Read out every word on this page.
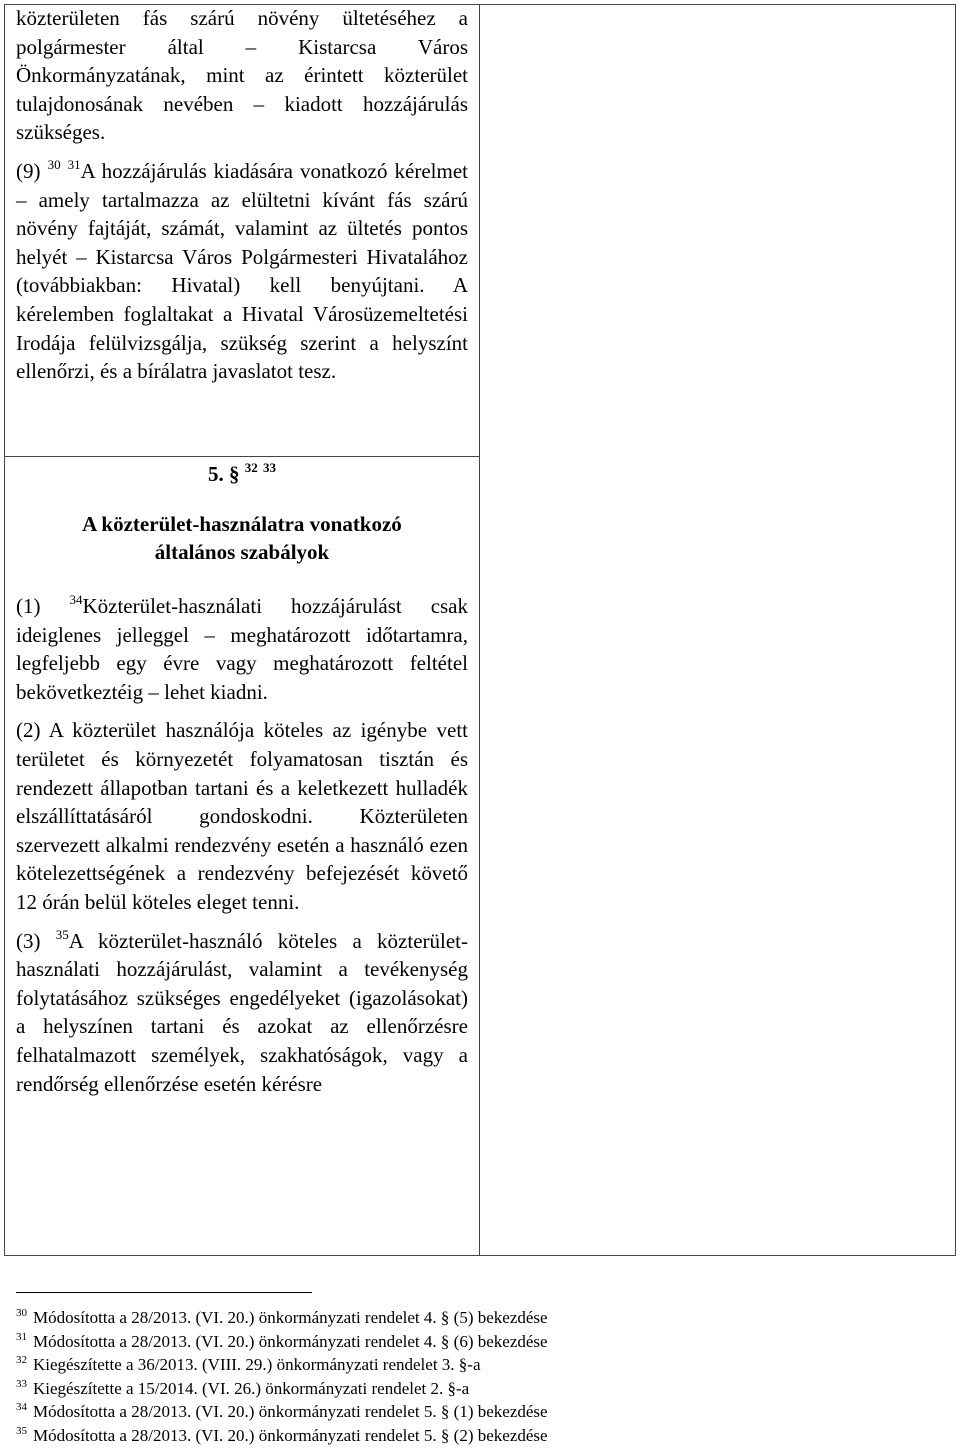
közterületen fás szárú növény ültetéséhez a polgármester által – Kistarcsa Város Önkormányzatának, mint az érintett közterület tulajdonosának nevében – kiadott hozzájárulás szükséges.

(9) $^{30}$ $^{31}$A hozzájárulás kiadására vonatkozó kérelmet – amely tartalmazza az elültetni kívánt fás szárú növény fajtáját, számát, valamint az ültetés pontos helyét – Kistarcsa Város Polgármesteri Hivatalához (továbbiakban: Hivatal) kell benyújtani. A kérelemben foglaltakat a Hivatal Városüzemeltetési Irodája felülvizsgálja, szükség szerint a helyszínt ellenőrzi, és a bírálatra javaslatot tesz.

5. § $^{32}$ $^{33}$

A közterület-használatra vonatkozó

általános szabályok

(1) $^{34}$Közterület-használati hozzájárulást csak ideiglenes jelleggel – meghatározott időtartamra, legfeljebb egy évre vagy meghatározott feltétel bekövetkeztéig – lehet kiadni.

(2) A közterület használója köteles az igénybe vett területet és környezetét folyamatosan tisztán és rendezett állapotban tartani és a keletkezett hulladék elszállíttatásáról gondoskodni. Közterületen szervezett alkalmi rendezvény esetén a használó ezen kötelezettségének a rendezvény befejezését követő 12 órán belül köteles eleget tenni.

(3) $^{35}$A közterület-használó köteles a közterület-használati hozzájárulást, valamint a tevékenység folytatásához szükséges engedélyeket (igazolásokat) a helyszínen tartani és azokat az ellenőrzésre felhatalmazott személyek, szakhatóságok, vagy a rendőrség ellenőrzése esetén kérésre

$^{30}$ Módosította a 28/2013. (VI. 20.) önkormányzati rendelet 4. § (5) bekezdése
$^{31}$ Módosította a 28/2013. (VI. 20.) önkormányzati rendelet 4. § (6) bekezdése
$^{32}$ Kiegészítette a 36/2013. (VIII. 29.) önkormányzati rendelet 3. §-a
$^{33}$ Kiegészítette a 15/2014. (VI. 26.) önkormányzati rendelet 2. §-a
$^{34}$ Módosította a 28/2013. (VI. 20.) önkormányzati rendelet 5. § (1) bekezdése
$^{35}$ Módosította a 28/2013. (VI. 20.) önkormányzati rendelet 5. § (2) bekezdése
